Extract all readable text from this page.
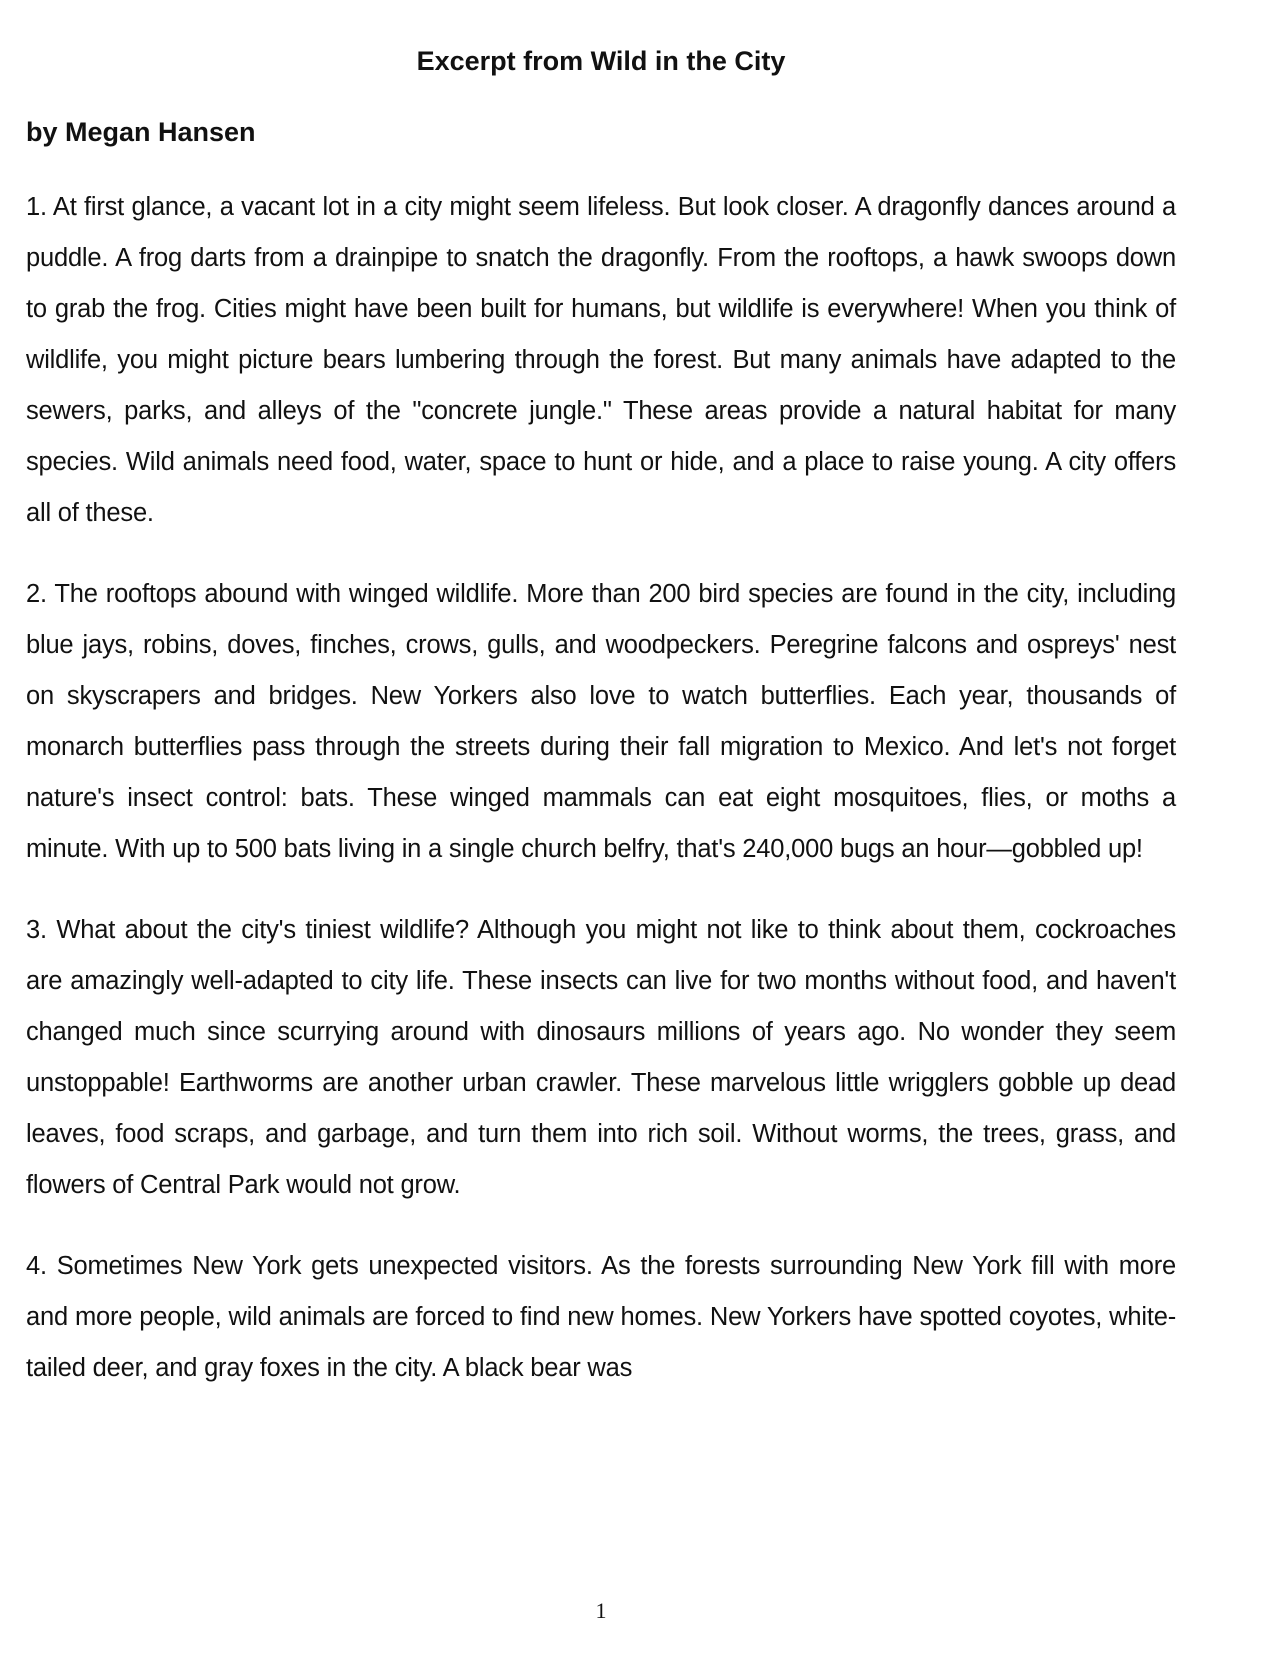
Excerpt from Wild in the City
by Megan Hansen

1. At first glance, a vacant lot in a city might seem lifeless. But look closer. A dragonfly dances around a puddle. A frog darts from a drainpipe to snatch the dragonfly. From the rooftops, a hawk swoops down to grab the frog. Cities might have been built for humans, but wildlife is everywhere! When you think of wildlife, you might picture bears lumbering through the forest. But many animals have adapted to the sewers, parks, and alleys of the "concrete jungle." These areas provide a natural habitat for many species. Wild animals need food, water, space to hunt or hide, and a place to raise young. A city offers all of these.

2. The rooftops abound with winged wildlife. More than 200 bird species are found in the city, including blue jays, robins, doves, finches, crows, gulls, and woodpeckers. Peregrine falcons and ospreys' nest on skyscrapers and bridges. New Yorkers also love to watch butterflies. Each year, thousands of monarch butterflies pass through the streets during their fall migration to Mexico. And let's not forget nature's insect control: bats. These winged mammals can eat eight mosquitoes, flies, or moths a minute. With up to 500 bats living in a single church belfry, that's 240,000 bugs an hour—gobbled up!

3. What about the city's tiniest wildlife? Although you might not like to think about them, cockroaches are amazingly well-adapted to city life. These insects can live for two months without food, and haven't changed much since scurrying around with dinosaurs millions of years ago. No wonder they seem unstoppable! Earthworms are another urban crawler. These marvelous little wrigglers gobble up dead leaves, food scraps, and garbage, and turn them into rich soil. Without worms, the trees, grass, and flowers of Central Park would not grow.

4. Sometimes New York gets unexpected visitors. As the forests surrounding New York fill with more and more people, wild animals are forced to find new homes. New Yorkers have spotted coyotes, white-tailed deer, and gray foxes in the city. A black bear was

1
